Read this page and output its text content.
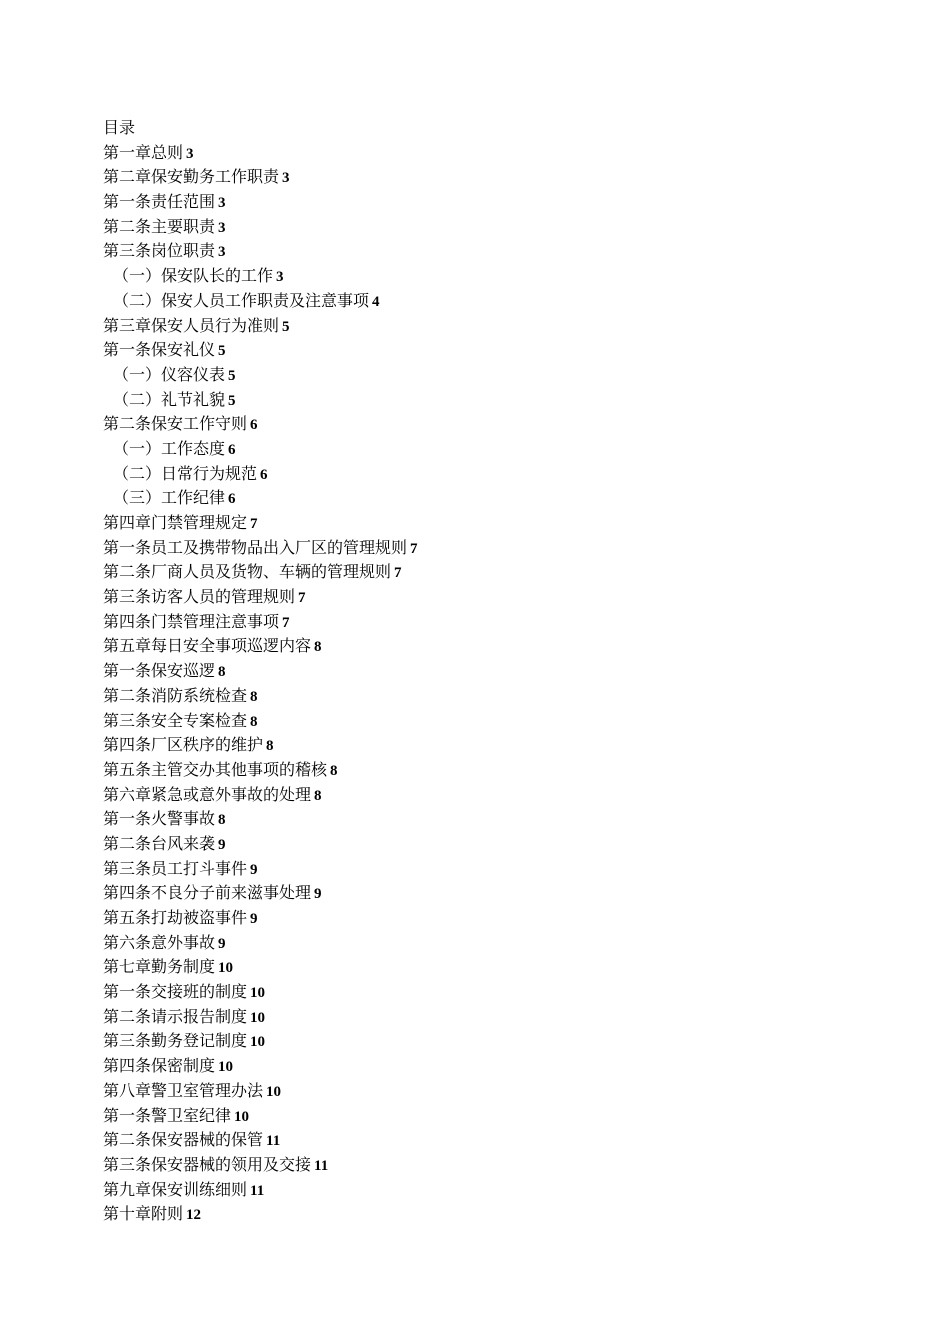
目录
第一章总则 3
第二章保安勤务工作职责 3
第一条责任范围 3
第二条主要职责 3
第三条岗位职责 3
（一）保安队长的工作 3
（二）保安人员工作职责及注意事项 4
第三章保安人员行为准则 5
第一条保安礼仪 5
（一）仪容仪表 5
（二）礼节礼貌 5
第二条保安工作守则 6
（一）工作态度 6
（二）日常行为规范 6
（三）工作纪律 6
第四章门禁管理规定 7
第一条员工及携带物品出入厂区的管理规则 7
第二条厂商人员及货物、车辆的管理规则 7
第三条访客人员的管理规则 7
第四条门禁管理注意事项 7
第五章每日安全事项巡逻内容 8
第一条保安巡逻 8
第二条消防系统检查 8
第三条安全专案检查 8
第四条厂区秩序的维护 8
第五条主管交办其他事项的稽核 8
第六章紧急或意外事故的处理 8
第一条火警事故 8
第二条台风来袭 9
第三条员工打斗事件 9
第四条不良分子前来滋事处理 9
第五条打劫被盗事件 9
第六条意外事故 9
第七章勤务制度 10
第一条交接班的制度 10
第二条请示报告制度 10
第三条勤务登记制度 10
第四条保密制度 10
第八章警卫室管理办法 10
第一条警卫室纪律 10
第二条保安器械的保管 11
第三条保安器械的领用及交接 11
第九章保安训练细则 11
第十章附则 12
